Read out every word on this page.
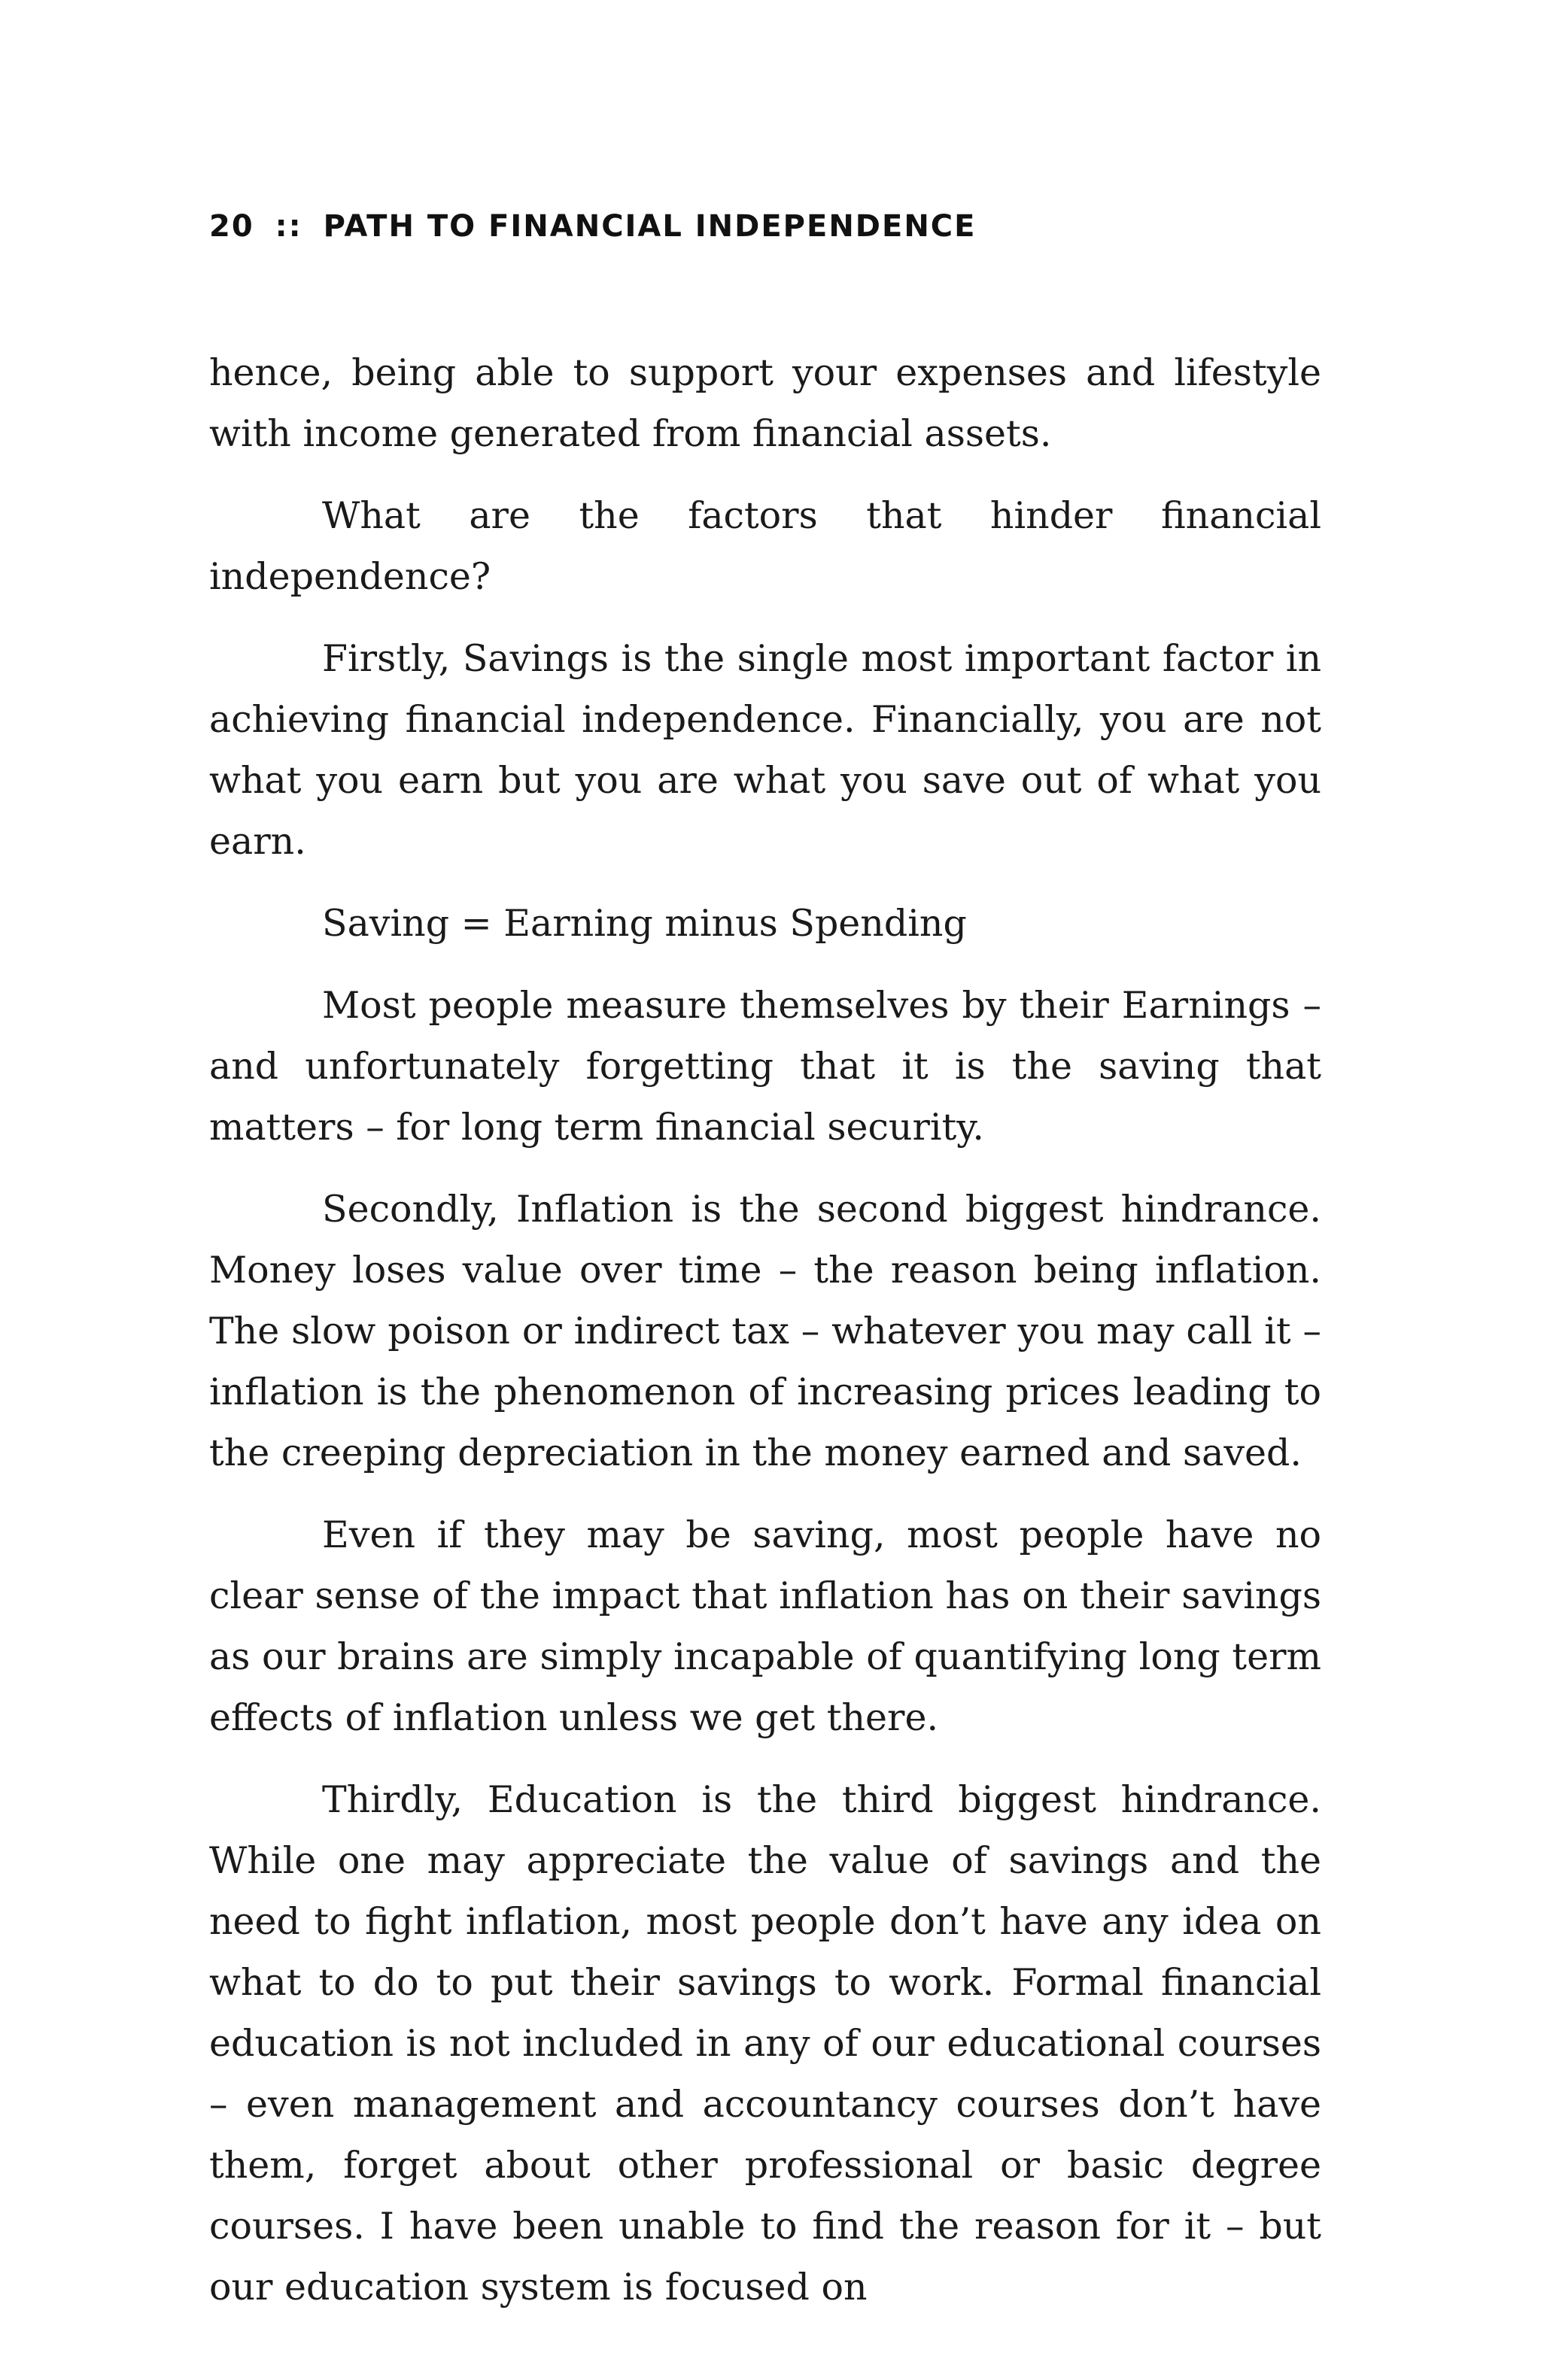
20 :: PATH TO FINANCIAL INDEPENDENCE

hence, being able to support your expenses and lifestyle with income generated from financial assets.

What are the factors that hinder financial independence?

Firstly, Savings is the single most important factor in achieving financial independence. Financially, you are not what you earn but you are what you save out of what you earn.

Saving = Earning minus Spending

Most people measure themselves by their Earnings – and unfortunately forgetting that it is the saving that matters – for long term financial security.

Secondly, Inflation is the second biggest hindrance. Money loses value over time – the reason being inflation. The slow poison or indirect tax – whatever you may call it – inflation is the phenomenon of increasing prices leading to the creeping depreciation in the money earned and saved.

Even if they may be saving, most people have no clear sense of the impact that inflation has on their savings as our brains are simply incapable of quantifying long term effects of inflation unless we get there.

Thirdly, Education is the third biggest hindrance. While one may appreciate the value of savings and the need to fight inflation, most people don’t have any idea on what to do to put their savings to work. Formal financial education is not included in any of our educational courses – even management and accountancy courses don’t have them, forget about other professional or basic degree courses. I have been unable to find the reason for it – but our education system is focused on
